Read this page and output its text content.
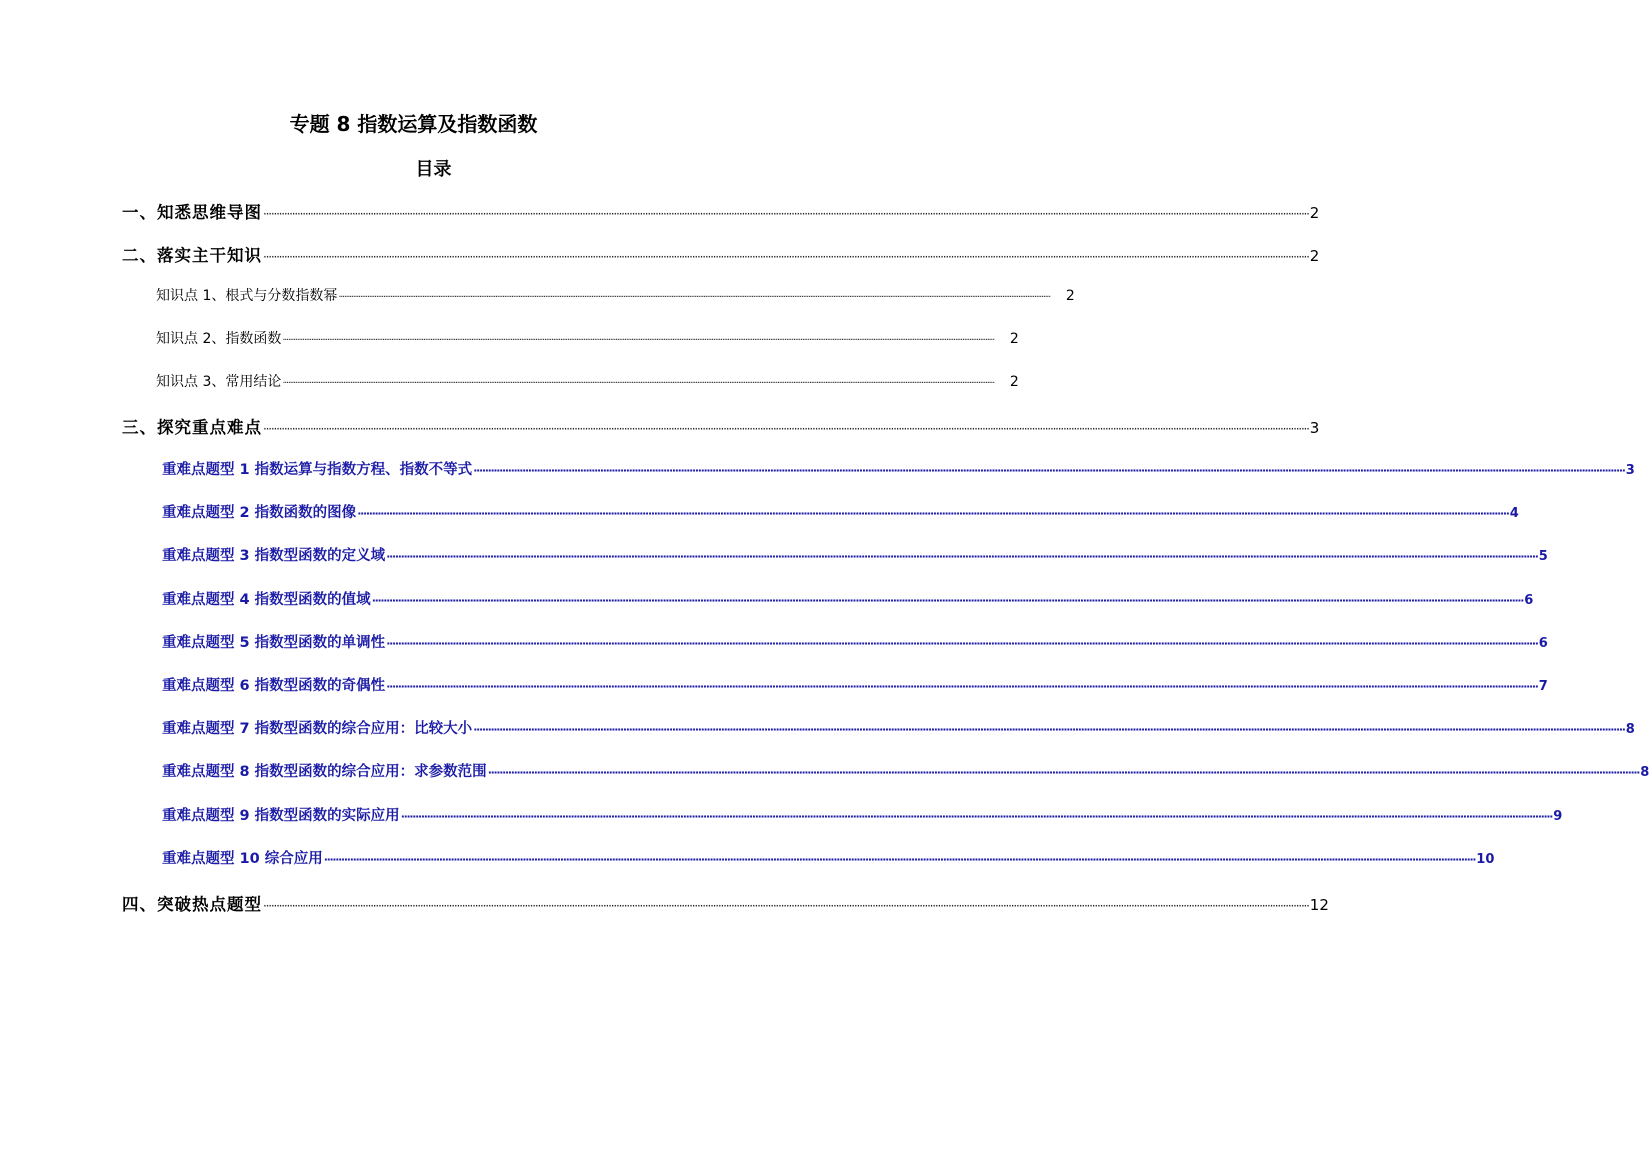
专题 8 指数运算及指数函数
目录
一、知悉思维导图 ················································································································································································································································································································································································································ 2
二、落实主干知识 ················································································································································································································································································································································································································ 2
知识点 1、根式与分数指数幂 ················································································································································································································································································································································································································ 2
知识点 2、指数函数 ················································································································································································································································································································································································································ 2
知识点 3、常用结论 ················································································································································································································································································································································································································ 2
三、探究重点难点 ················································································································································································································································································································································································································ 3
重难点题型 1 指数运算与指数方程、指数不等式 ················································································································································································································································································································································································································ 3
重难点题型 2 指数函数的图像 ················································································································································································································································································································································································································ 4
重难点题型 3 指数型函数的定义域 ················································································································································································································································································································································································································ 5
重难点题型 4 指数型函数的值域 ················································································································································································································································································································································································································ 6
重难点题型 5 指数型函数的单调性 ················································································································································································································································································································································································································ 6
重难点题型 6 指数型函数的奇偶性 ················································································································································································································································································································································································································ 7
重难点题型 7 指数型函数的综合应用：比较大小 ················································································································································································································································································································································································································ 8
重难点题型 8 指数型函数的综合应用：求参数范围 ················································································································································································································································································································································································································ 8
重难点题型 9 指数型函数的实际应用 ················································································································································································································································································································································································································ 9
重难点题型 10 综合应用 ················································································································································································································································································································································································································ 10
四、突破热点题型 ················································································································································································································································································································································································································ 12
